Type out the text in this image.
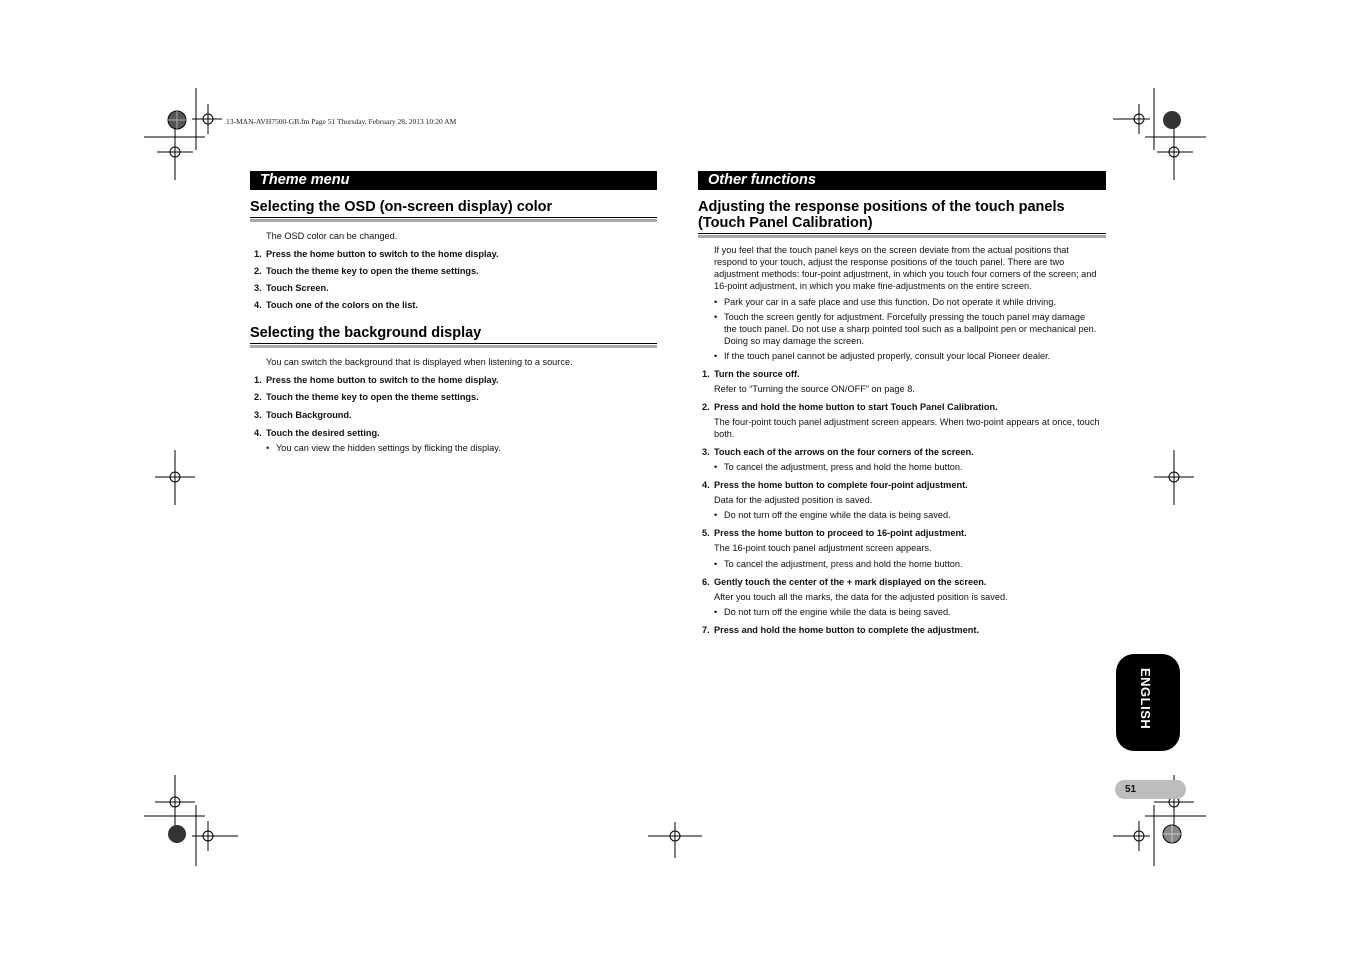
13-MAN-AVH7500-GB.fm Page 51 Thursday, February 28, 2013 10:20 AM
Theme menu
Selecting the OSD (on-screen display) color
The OSD color can be changed.
1. Press the home button to switch to the home display.
2. Touch the theme key to open the theme settings.
3. Touch Screen.
4. Touch one of the colors on the list.
Selecting the background display
You can switch the background that is displayed when listening to a source.
1. Press the home button to switch to the home display.
2. Touch the theme key to open the theme settings.
3. Touch Background.
4. Touch the desired setting.
• You can view the hidden settings by flicking the display.
Other functions
Adjusting the response positions of the touch panels
(Touch Panel Calibration)
If you feel that the touch panel keys on the screen deviate from the actual positions that respond to your touch, adjust the response positions of the touch panel. There are two adjustment methods: four-point adjustment, in which you touch four corners of the screen; and 16-point adjustment, in which you make fine-adjustments on the entire screen.
• Park your car in a safe place and use this function. Do not operate it while driving.
• Touch the screen gently for adjustment. Forcefully pressing the touch panel may damage the touch panel. Do not use a sharp pointed tool such as a ballpoint pen or mechanical pen. Doing so may damage the screen.
• If the touch panel cannot be adjusted properly, consult your local Pioneer dealer.
1. Turn the source off.
Refer to “Turning the source ON/OFF” on page 8.
2. Press and hold the home button to start Touch Panel Calibration.
The four-point touch panel adjustment screen appears. When two-point appears at once, touch both.
3. Touch each of the arrows on the four corners of the screen.
• To cancel the adjustment, press and hold the home button.
4. Press the home button to complete four-point adjustment.
Data for the adjusted position is saved.
• Do not turn off the engine while the data is being saved.
5. Press the home button to proceed to 16-point adjustment.
The 16-point touch panel adjustment screen appears.
• To cancel the adjustment, press and hold the home button.
6. Gently touch the center of the + mark displayed on the screen.
After you touch all the marks, the data for the adjusted position is saved.
• Do not turn off the engine while the data is being saved.
7. Press and hold the home button to complete the adjustment.
ENGLISH
51
